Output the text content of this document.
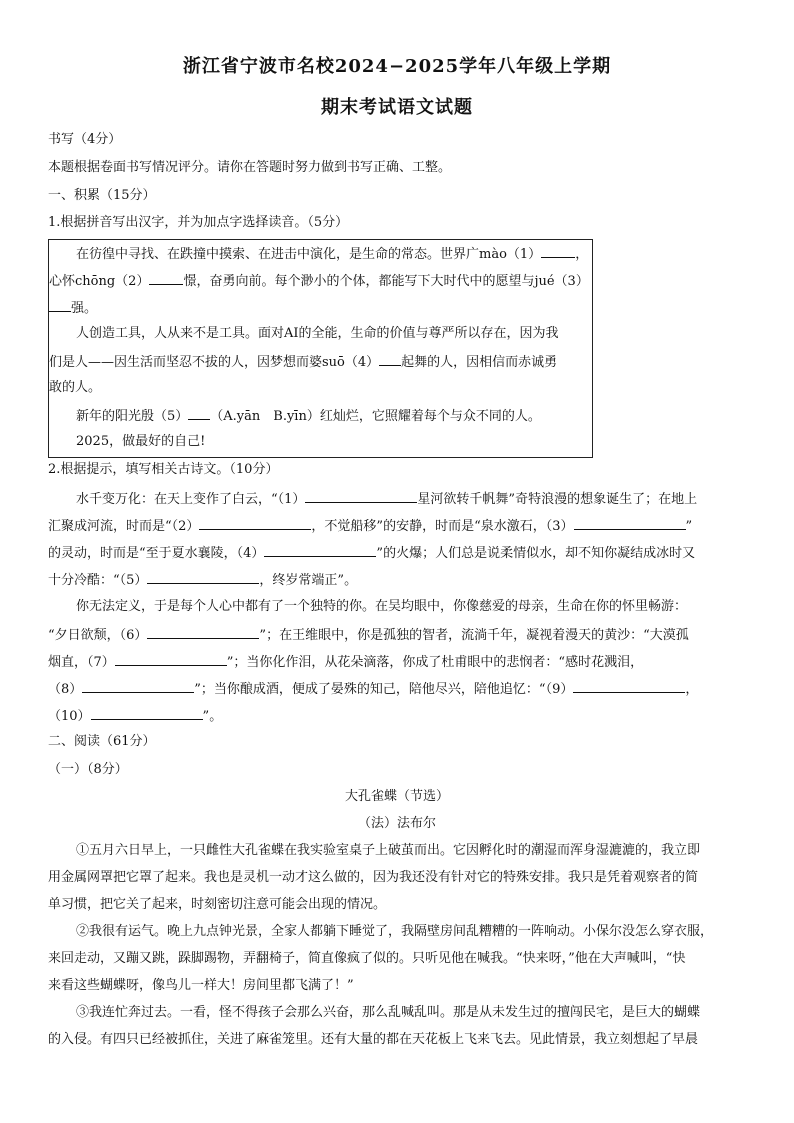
浙江省宁波市名校2024−2025学年八年级上学期
期末考试语文试题
书写（4分）
本题根据卷面书写情况评分。请你在答题时努力做到书写正确、工整。
一、积累（15分）
1.根据拼音写出汉字，并为加点字选择读音。（5分）
在彷徨中寻找、在跌撞中摸索、在进击中演化，是生命的常态。世界广mào（1）	，
心怀chōng（2）	憬，奋勇向前。每个渺小的个体，都能写下大时代中的愿望与jué（3）
强。
人创造工具，人从来不是工具。面对AI的全能，生命的价值与尊严所以存在，因为我
们是人——因生活而坚忍不拔的人，因梦想而婆suō（4） 起舞的人，因相信而赤诚勇
敢的人。
新年的阳光殷（5） （A.yān　B.yīn）红灿烂，它照耀着每个与众不同的人。
2025，做最好的自己!
2.根据提示，填写相关古诗文。（10分）
水千变万化：在天上变作了白云，“（1）	星河欲转千帆舞”奇特浪漫的想象诞生了；在地上
汇聚成河流，时而是“（2）	，不觉船移”的安静，时而是“泉水激石，（3）	”
的灵动，时而是“至于夏水襄陵，（4）	”的火爆；人们总是说柔情似水，却不知你凝结成冰时又
十分冷酷：“（5）	，终岁常端正”。
你无法定义，于是每个人心中都有了一个独特的你。在吴均眼中，你像慈爱的母亲，生命在你的怀里畅游：
“夕日欲颓，（6）	”；在王维眼中，你是孤独的智者，流淌千年，凝视着漫天的黄沙：“大漠孤
烟直，（7）	”；当你化作泪，从花朵滴落，你成了杜甫眼中的悲悯者：“感时花溅泪，
（8）	”；当你酿成酒，便成了晏殊的知己，陪他尽兴，陪他追忆：“（9）	，
（10）	”。
二、阅读（61分）
（一）（8分）
大孔雀蝶（节选）
（法）法布尔
①五月六日早上，一只雌性大孔雀蝶在我实验室桌子上破茧而出。它因孵化时的潮湿而浑身湿漉漉的，我立即
用金属网罩把它罩了起来。我也是灵机一动才这么做的，因为我还没有针对它的特殊安排。我只是凭着观察者的简
单习惯，把它关了起来，时刻密切注意可能会出现的情况。
②我很有运气。晚上九点钟光景，全家人都躺下睡觉了，我隔壁房间乱糟糟的一阵响动。小保尔没怎么穿衣服，
来回走动，又蹦又跳，跺脚踢物，弄翻椅子，简直像疯了似的。只听见他在喊我。“快来呀，”他在大声喊叫，“快
来看这些蝴蝶呀，像鸟儿一样大！房间里都飞满了！”
③我连忙奔过去。一看，怪不得孩子会那么兴奋，那么乱喊乱叫。那是从未发生过的擅闯民宅，是巨大的蝴蝶
的入侵。有四只已经被抓住，关进了麻雀笼里。还有大量的都在天花板上飞来飞去。见此情景，我立刻想起了早晨
